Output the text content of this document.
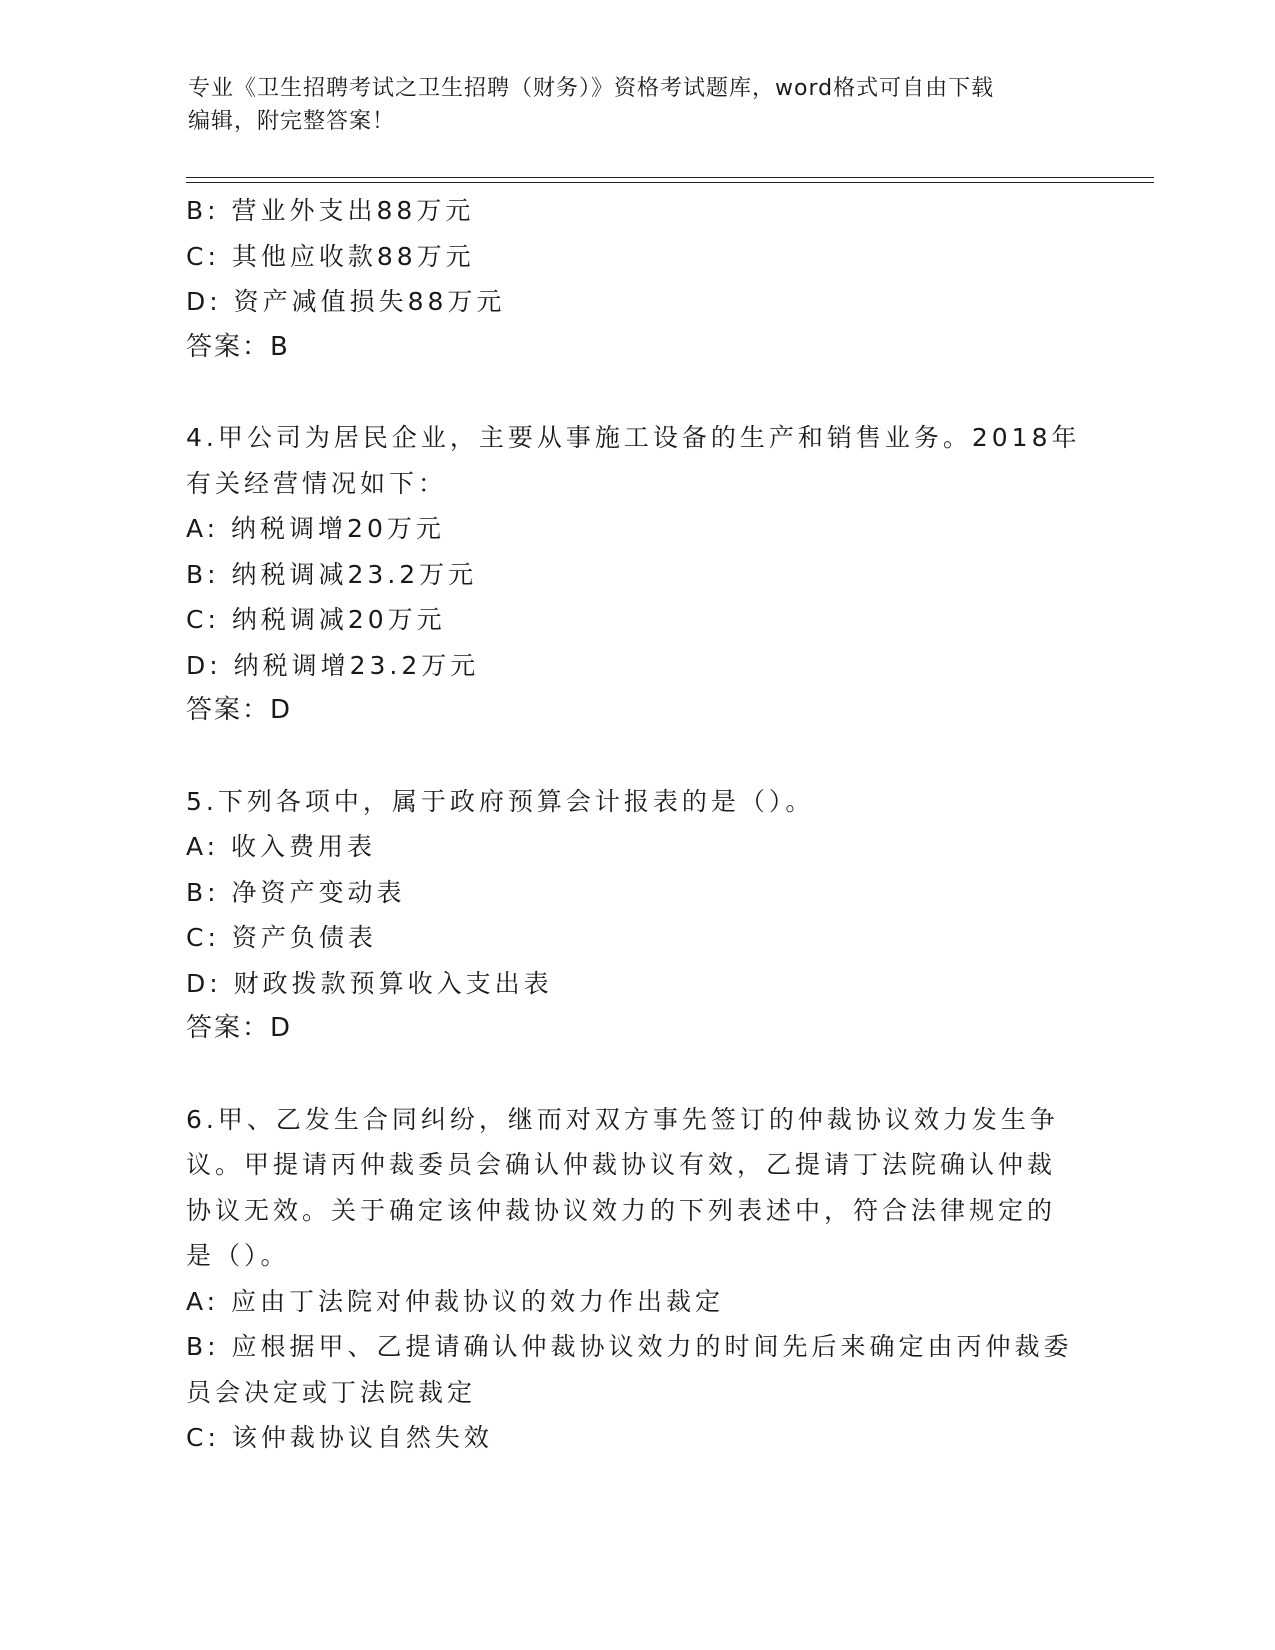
专业《卫生招聘考试之卫生招聘（财务）》资格考试题库，word格式可自由下载
编辑，附完整答案！
B: 营业外支出88万元
C: 其他应收款88万元
D: 资产减值损失88万元
答案：B
4.甲公司为居民企业，主要从事施工设备的生产和销售业务。2018年
有关经营情况如下：
A: 纳税调增20万元
B: 纳税调减23.2万元
C: 纳税调减20万元
D: 纳税调增23.2万元
答案：D
5.下列各项中，属于政府预算会计报表的是（）。
A: 收入费用表
B: 净资产变动表
C: 资产负债表
D: 财政拨款预算收入支出表
答案：D
6.甲、乙发生合同纠纷，继而对双方事先签订的仲裁协议效力发生争
议。甲提请丙仲裁委员会确认仲裁协议有效，乙提请丁法院确认仲裁
协议无效。关于确定该仲裁协议效力的下列表述中，符合法律规定的
是（）。
A: 应由丁法院对仲裁协议的效力作出裁定
B: 应根据甲、乙提请确认仲裁协议效力的时间先后来确定由丙仲裁委
员会决定或丁法院裁定
C: 该仲裁协议自然失效
